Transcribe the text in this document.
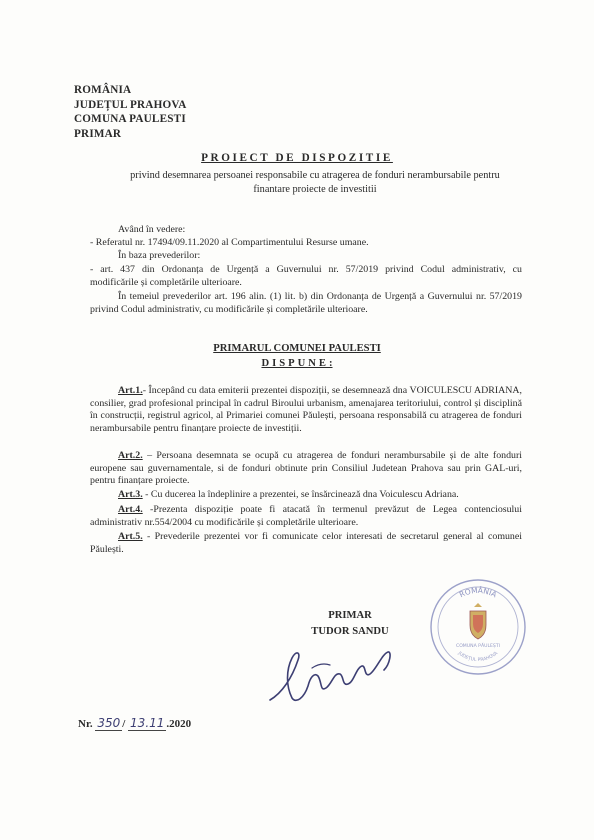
ROMÂNIA
JUDEȚUL PRAHOVA
COMUNA PAULESTI
PRIMAR
PROIECT DE DISPOZITIE
privind desemnarea persoanei responsabile cu atragerea de fonduri nerambursabile pentru
finantare proiecte de investitii
Având în vedere:
- Referatul nr. 17494/09.11.2020 al Compartimentului Resurse umane.
În baza prevederilor:
- art. 437 din Ordonanța de Urgență a Guvernului nr. 57/2019 privind Codul administrativ, cu
modificările și completările ulterioare.
În temeiul prevederilor art. 196 alin. (1) lit. b) din Ordonanța de Urgență a Guvernului nr. 57/2019 privind Codul administrativ, cu modificările și completările ulterioare.
PRIMARUL COMUNEI PAULESTI
DISPUNE:
Art.1.- Începând cu data emiterii prezentei dispoziții, se desemnează dna VOICULESCU ADRIANA, consilier, grad profesional principal în cadrul Biroului urbanism, amenajarea teritoriului, control și disciplină în construcții, registrul agricol, al Primariei comunei Păulești, persoana responsabilă cu atragerea de fonduri nerambursabile pentru finanțare proiecte de investiții.
Art.2. – Persoana desemnata se ocupă cu atragerea de fonduri nerambursabile și de alte fonduri europene sau guvernamentale, si de fonduri obtinute prin Consiliul Judetean Prahova sau prin GAL-uri, pentru finanțare proiecte.
Art.3. - Cu ducerea la îndeplinire a prezentei, se însărcinează dna Voiculescu Adriana.
Art.4. -Prezenta dispoziție poate fi atacată în termenul prevăzut de Legea contenciosului administrativ nr.554/2004 cu modificările și completările ulterioare.
Art.5. - Prevederile prezentei vor fi comunicate celor interesati de secretarul general al comunei Păulești.
PRIMAR
TUDOR SANDU
ROMÂNIA
JUDEȚUL PRAHOVA
COMUNA PĂULEȘTI
Nr. 350 / 13.11 .2020
